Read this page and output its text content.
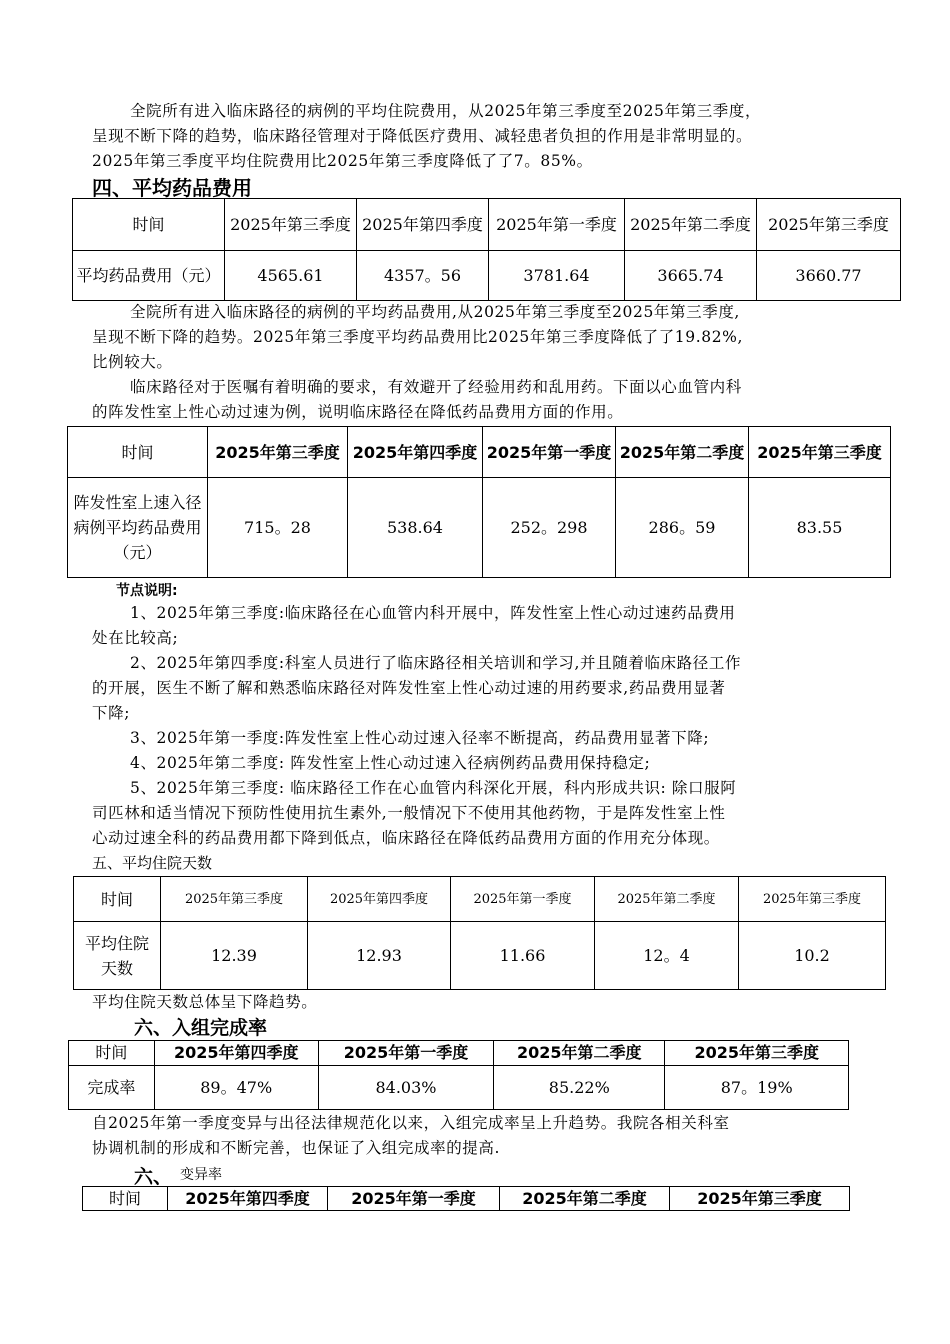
全院所有进入临床路径的病例的平均住院费用，从2025年第三季度至2025年第三季度，
呈现不断下降的趋势，临床路径管理对于降低医疗费用、减轻患者负担的作用是非常明显的。
2025年第三季度平均住院费用比2025年第三季度降低了了7。85%。
四、平均药品费用
时间	2025年第三季度	2025年第四季度	2025年第一季度	2025年第二季度	2025年第三季度
平均药品费用（元）	4565.61	4357。56	3781.64	3665.74	3660.77
全院所有进入临床路径的病例的平均药品费用,从2025年第三季度至2025年第三季度,
呈现不断下降的趋势。2025年第三季度平均药品费用比2025年第三季度降低了了19.82%,
比例较大。
临床路径对于医嘱有着明确的要求，有效避开了经验用药和乱用药。下面以心血管内科
的阵发性室上性心动过速为例，说明临床路径在降低药品费用方面的作用。
时间	2025年第三季度	2025年第四季度	2025年第一季度	2025年第二季度	2025年第三季度
阵发性室上速入径病例平均药品费用（元）	715。28	538.64	252。298	286。59	83.55
节点说明:
1、2025年第三季度:临床路径在心血管内科开展中，阵发性室上性心动过速药品费用
处在比较高;
2、2025年第四季度:科室人员进行了临床路径相关培训和学习,并且随着临床路径工作
的开展，医生不断了解和熟悉临床路径对阵发性室上性心动过速的用药要求,药品费用显著
下降;
3、2025年第一季度:阵发性室上性心动过速入径率不断提高，药品费用显著下降;
4、2025年第二季度: 阵发性室上性心动过速入径病例药品费用保持稳定;
5、2025年第三季度: 临床路径工作在心血管内科深化开展，科内形成共识: 除口服阿
司匹林和适当情况下预防性使用抗生素外,一般情况下不使用其他药物，于是阵发性室上性
心动过速全科的药品费用都下降到低点，临床路径在降低药品费用方面的作用充分体现。
五、平均住院天数
时间	2025年第三季度	2025年第四季度	2025年第一季度	2025年第二季度	2025年第三季度
平均住院天数	12.39	12.93	11.66	12。4	10.2
平均住院天数总体呈下降趋势。
六、入组完成率
时间	2025年第四季度	2025年第一季度	2025年第二季度	2025年第三季度
完成率	89。47%	84.03%	85.22%	87。19%
自2025年第一季度变异与出径法律规范化以来，入组完成率呈上升趋势。我院各相关科室
协调机制的形成和不断完善，也保证了入组完成率的提高.
六、 变异率
时间	2025年第四季度	2025年第一季度	2025年第二季度	2025年第三季度
